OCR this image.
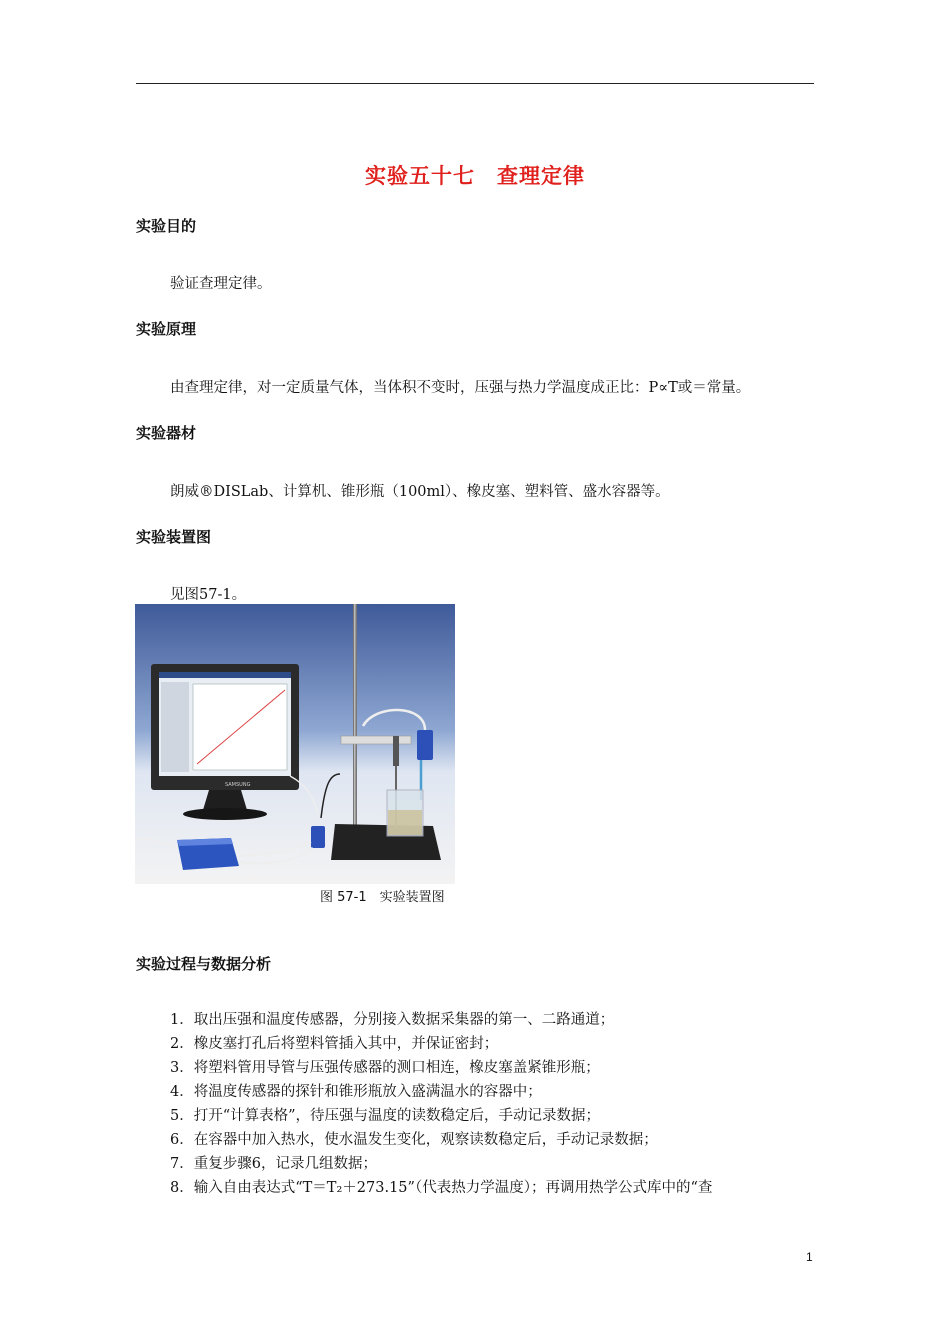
实验五十七　查理定律
实验目的
验证查理定律。
实验原理
由查理定律，对一定质量气体，当体积不变时，压强与热力学温度成正比：P∝T或＝常量。
实验器材
朗威®DISLab、计算机、锥形瓶（100ml）、橡皮塞、塑料管、盛水容器等。
实验装置图
见图57-1。
SAMSUNG
图 57-1　实验装置图
实验过程与数据分析
1．取出压强和温度传感器，分别接入数据采集器的第一、二路通道；
2．橡皮塞打孔后将塑料管插入其中，并保证密封；
3．将塑料管用导管与压强传感器的测口相连，橡皮塞盖紧锥形瓶；
4．将温度传感器的探针和锥形瓶放入盛满温水的容器中；
5．打开“计算表格”，待压强与温度的读数稳定后，手动记录数据；
6．在容器中加入热水，使水温发生变化，观察读数稳定后，手动记录数据；
7．重复步骤6，记录几组数据；
8．输入自由表达式“T＝T₂＋273.15”（代表热力学温度）；再调用热学公式库中的“查
1
